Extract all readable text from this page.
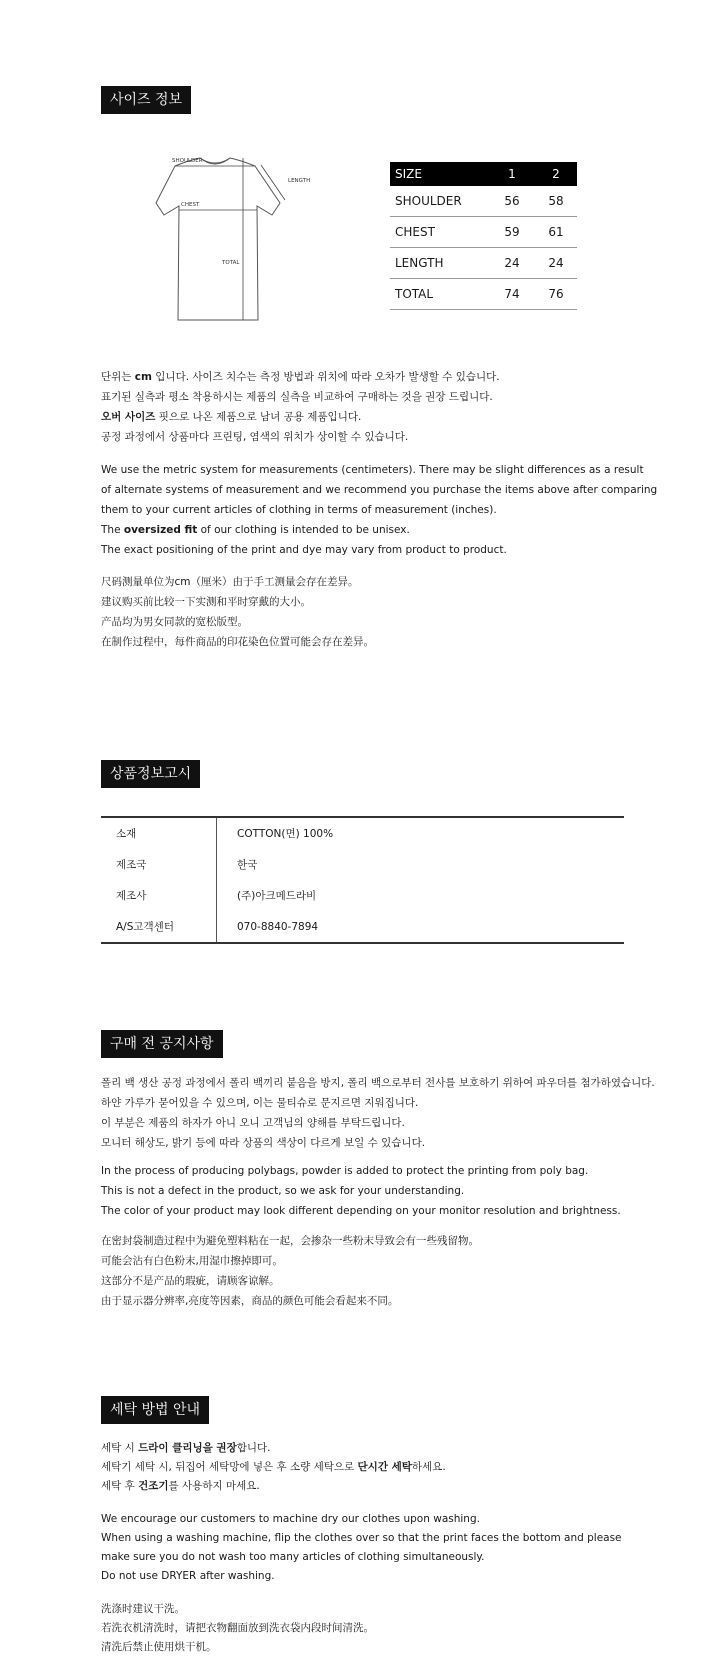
사이즈 정보
SHOULDER
LENGTH
CHEST
TOTAL
SIZE	1	2
SHOULDER	56	58
CHEST	59	61
LENGTH	24	24
TOTAL	74	76
단위는 cm 입니다. 사이즈 치수는 측정 방법과 위치에 따라 오차가 발생할 수 있습니다.
표기된 실측과 평소 착용하시는 제품의 실측을 비교하여 구매하는 것을 권장 드립니다.
오버 사이즈 핏으로 나온 제품으로 남녀 공용 제품입니다.
공정 과정에서 상품마다 프린팅, 염색의 위치가 상이할 수 있습니다.
We use the metric system for measurements (centimeters). There may be slight differences as a result
of alternate systems of measurement and we recommend you purchase the items above after comparing
them to your current articles of clothing in terms of measurement (inches).
The oversized fit of our clothing is intended to be unisex.
The exact positioning of the print and dye may vary from product to product.
尺码测量单位为cm（厘米）由于手工测量会存在差异。
建议购买前比较一下实测和平时穿戴的大小。
产品均为男女同款的宽松版型。
在制作过程中，每件商品的印花染色位置可能会存在差异。
상품정보고시
소재	COTTON(면) 100%
제조국	한국
제조사	(주)아크메드라비
A/S고객센터	070-8840-7894
구매 전 공지사항
폴리 백 생산 공정 과정에서 폴리 백끼리 붙음을 방지, 폴리 백으로부터 전사를 보호하기 위하여 파우더를 첨가하였습니다.
하얀 가루가 묻어있을 수 있으며, 이는 물티슈로 문지르면 지워집니다.
이 부분은 제품의 하자가 아니 오니 고객님의 양해를 부탁드립니다.
모니터 해상도, 밝기 등에 따라 상품의 색상이 다르게 보일 수 있습니다.
In the process of producing polybags, powder is added to protect the printing from poly bag.
This is not a defect in the product, so we ask for your understanding.
The color of your product may look different depending on your monitor resolution and brightness.
在密封袋制造过程中为避免塑料粘在一起，会掺杂一些粉末导致会有一些残留物。
可能会沾有白色粉末,用湿巾擦掉即可。
这部分不是产品的瑕疵，请顾客谅解。
由于显示器分辨率,亮度等因素，商品的颜色可能会看起来不同。
세탁 방법 안내
세탁 시 드라이 클리닝을 권장합니다.
세탁기 세탁 시, 뒤집어 세탁망에 넣은 후 소량 세탁으로 단시간 세탁하세요.
세탁 후 건조기를 사용하지 마세요.
We encourage our customers to machine dry our clothes upon washing.
When using a washing machine, flip the clothes over so that the print faces the bottom and please
make sure you do not wash too many articles of clothing simultaneously.
Do not use DRYER after washing.
洗涤时建议干洗。
若洗衣机清洗时，请把衣物翻面放到洗衣袋内段时间清洗。
清洗后禁止使用烘干机。
